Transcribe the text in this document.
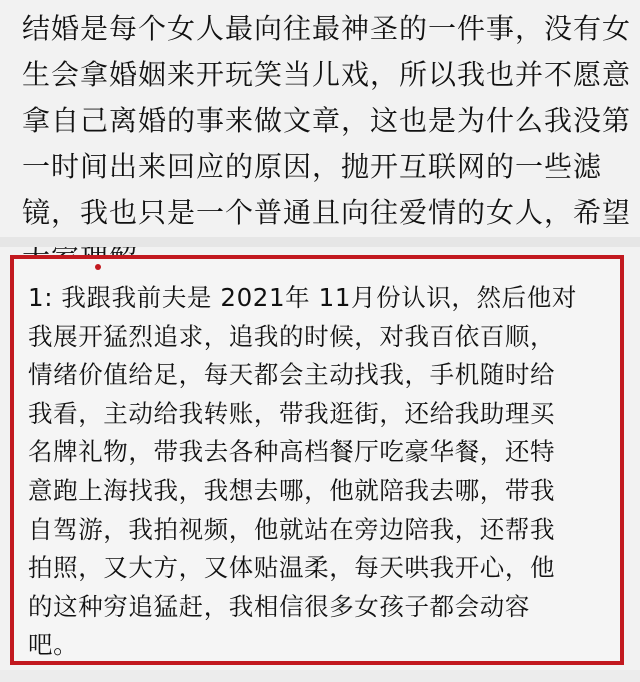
结婚是每个女人最向往最神圣的一件事，没有女
生会拿婚姻来开玩笑当儿戏，所以我也并不愿意
拿自己离婚的事来做文章，这也是为什么我没第
一时间出来回应的原因，抛开互联网的一些滤
镜，我也只是一个普通且向往爱情的女人，希望
1: 我跟我前夫是 2021年 11月份认识，然后他对
我展开猛烈追求，追我的时候，对我百依百顺，
情绪价值给足，每天都会主动找我，手机随时给
我看，主动给我转账，带我逛街，还给我助理买
名牌礼物，带我去各种高档餐厅吃豪华餐，还特
意跑上海找我，我想去哪，他就陪我去哪，带我
自驾游，我拍视频，他就站在旁边陪我，还帮我
拍照，又大方，又体贴温柔，每天哄我开心，他
的这种穷追猛赶，我相信很多女孩子都会动容
吧。
